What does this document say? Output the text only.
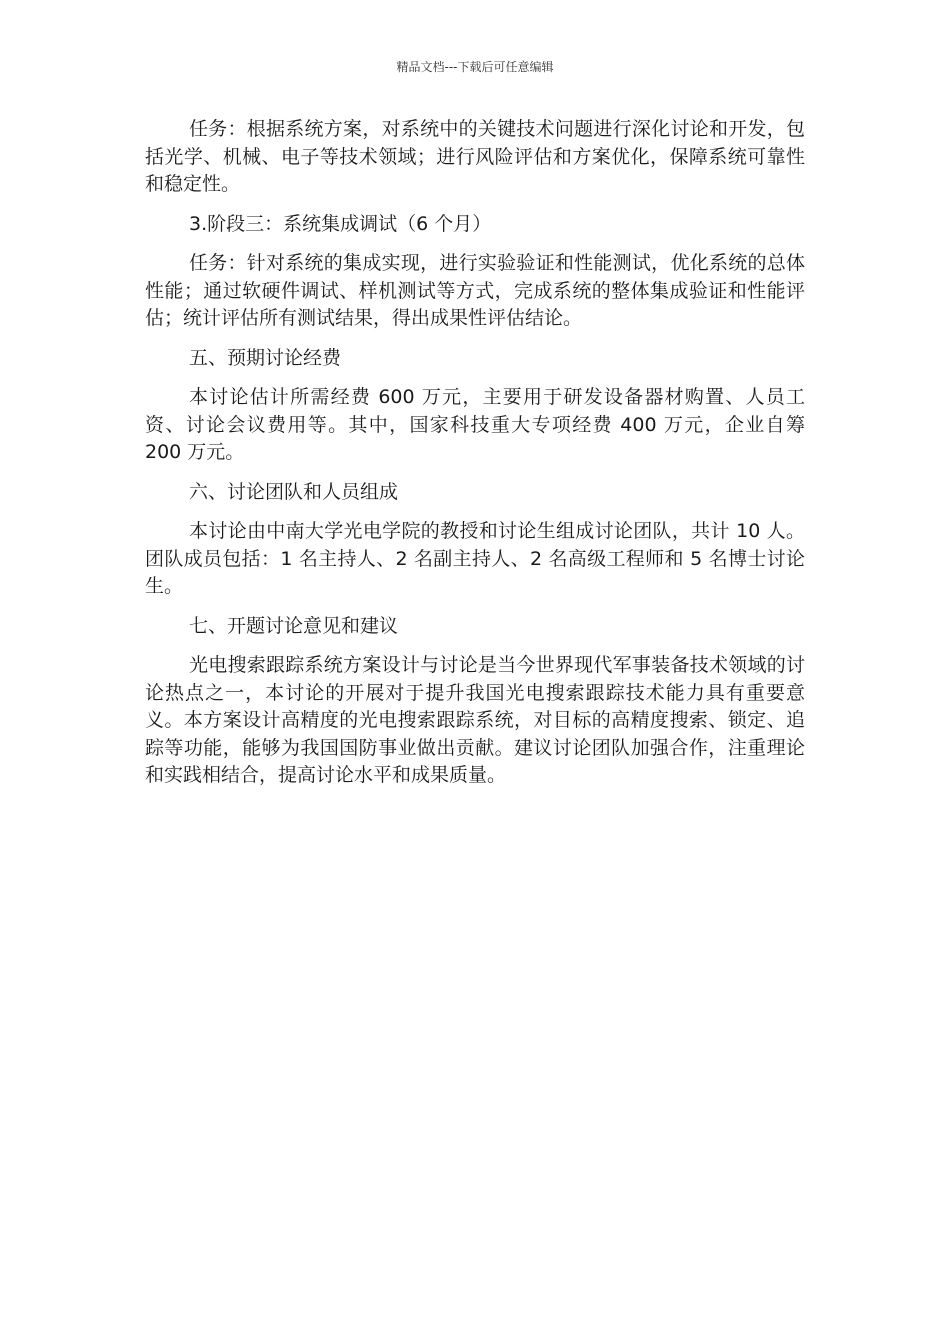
精品文档---下载后可任意编辑

任务：根据系统方案，对系统中的关键技术问题进行深化讨论和开发，包括光学、机械、电子等技术领域；进行风险评估和方案优化，保障系统可靠性和稳定性。

3.阶段三：系统集成调试（6 个月）

任务：针对系统的集成实现，进行实验验证和性能测试，优化系统的总体性能；通过软硬件调试、样机测试等方式，完成系统的整体集成验证和性能评估；统计评估所有测试结果，得出成果性评估结论。

五、预期讨论经费

本讨论估计所需经费 600 万元，主要用于研发设备器材购置、人员工资、讨论会议费用等。其中，国家科技重大专项经费 400 万元，企业自筹 200 万元。

六、讨论团队和人员组成

本讨论由中南大学光电学院的教授和讨论生组成讨论团队，共计 10 人。团队成员包括：1 名主持人、2 名副主持人、2 名高级工程师和 5 名博士讨论生。

七、开题讨论意见和建议

光电搜索跟踪系统方案设计与讨论是当今世界现代军事装备技术领域的讨论热点之一，本讨论的开展对于提升我国光电搜索跟踪技术能力具有重要意义。本方案设计高精度的光电搜索跟踪系统，对目标的高精度搜索、锁定、追踪等功能，能够为我国国防事业做出贡献。建议讨论团队加强合作，注重理论和实践相结合，提高讨论水平和成果质量。
